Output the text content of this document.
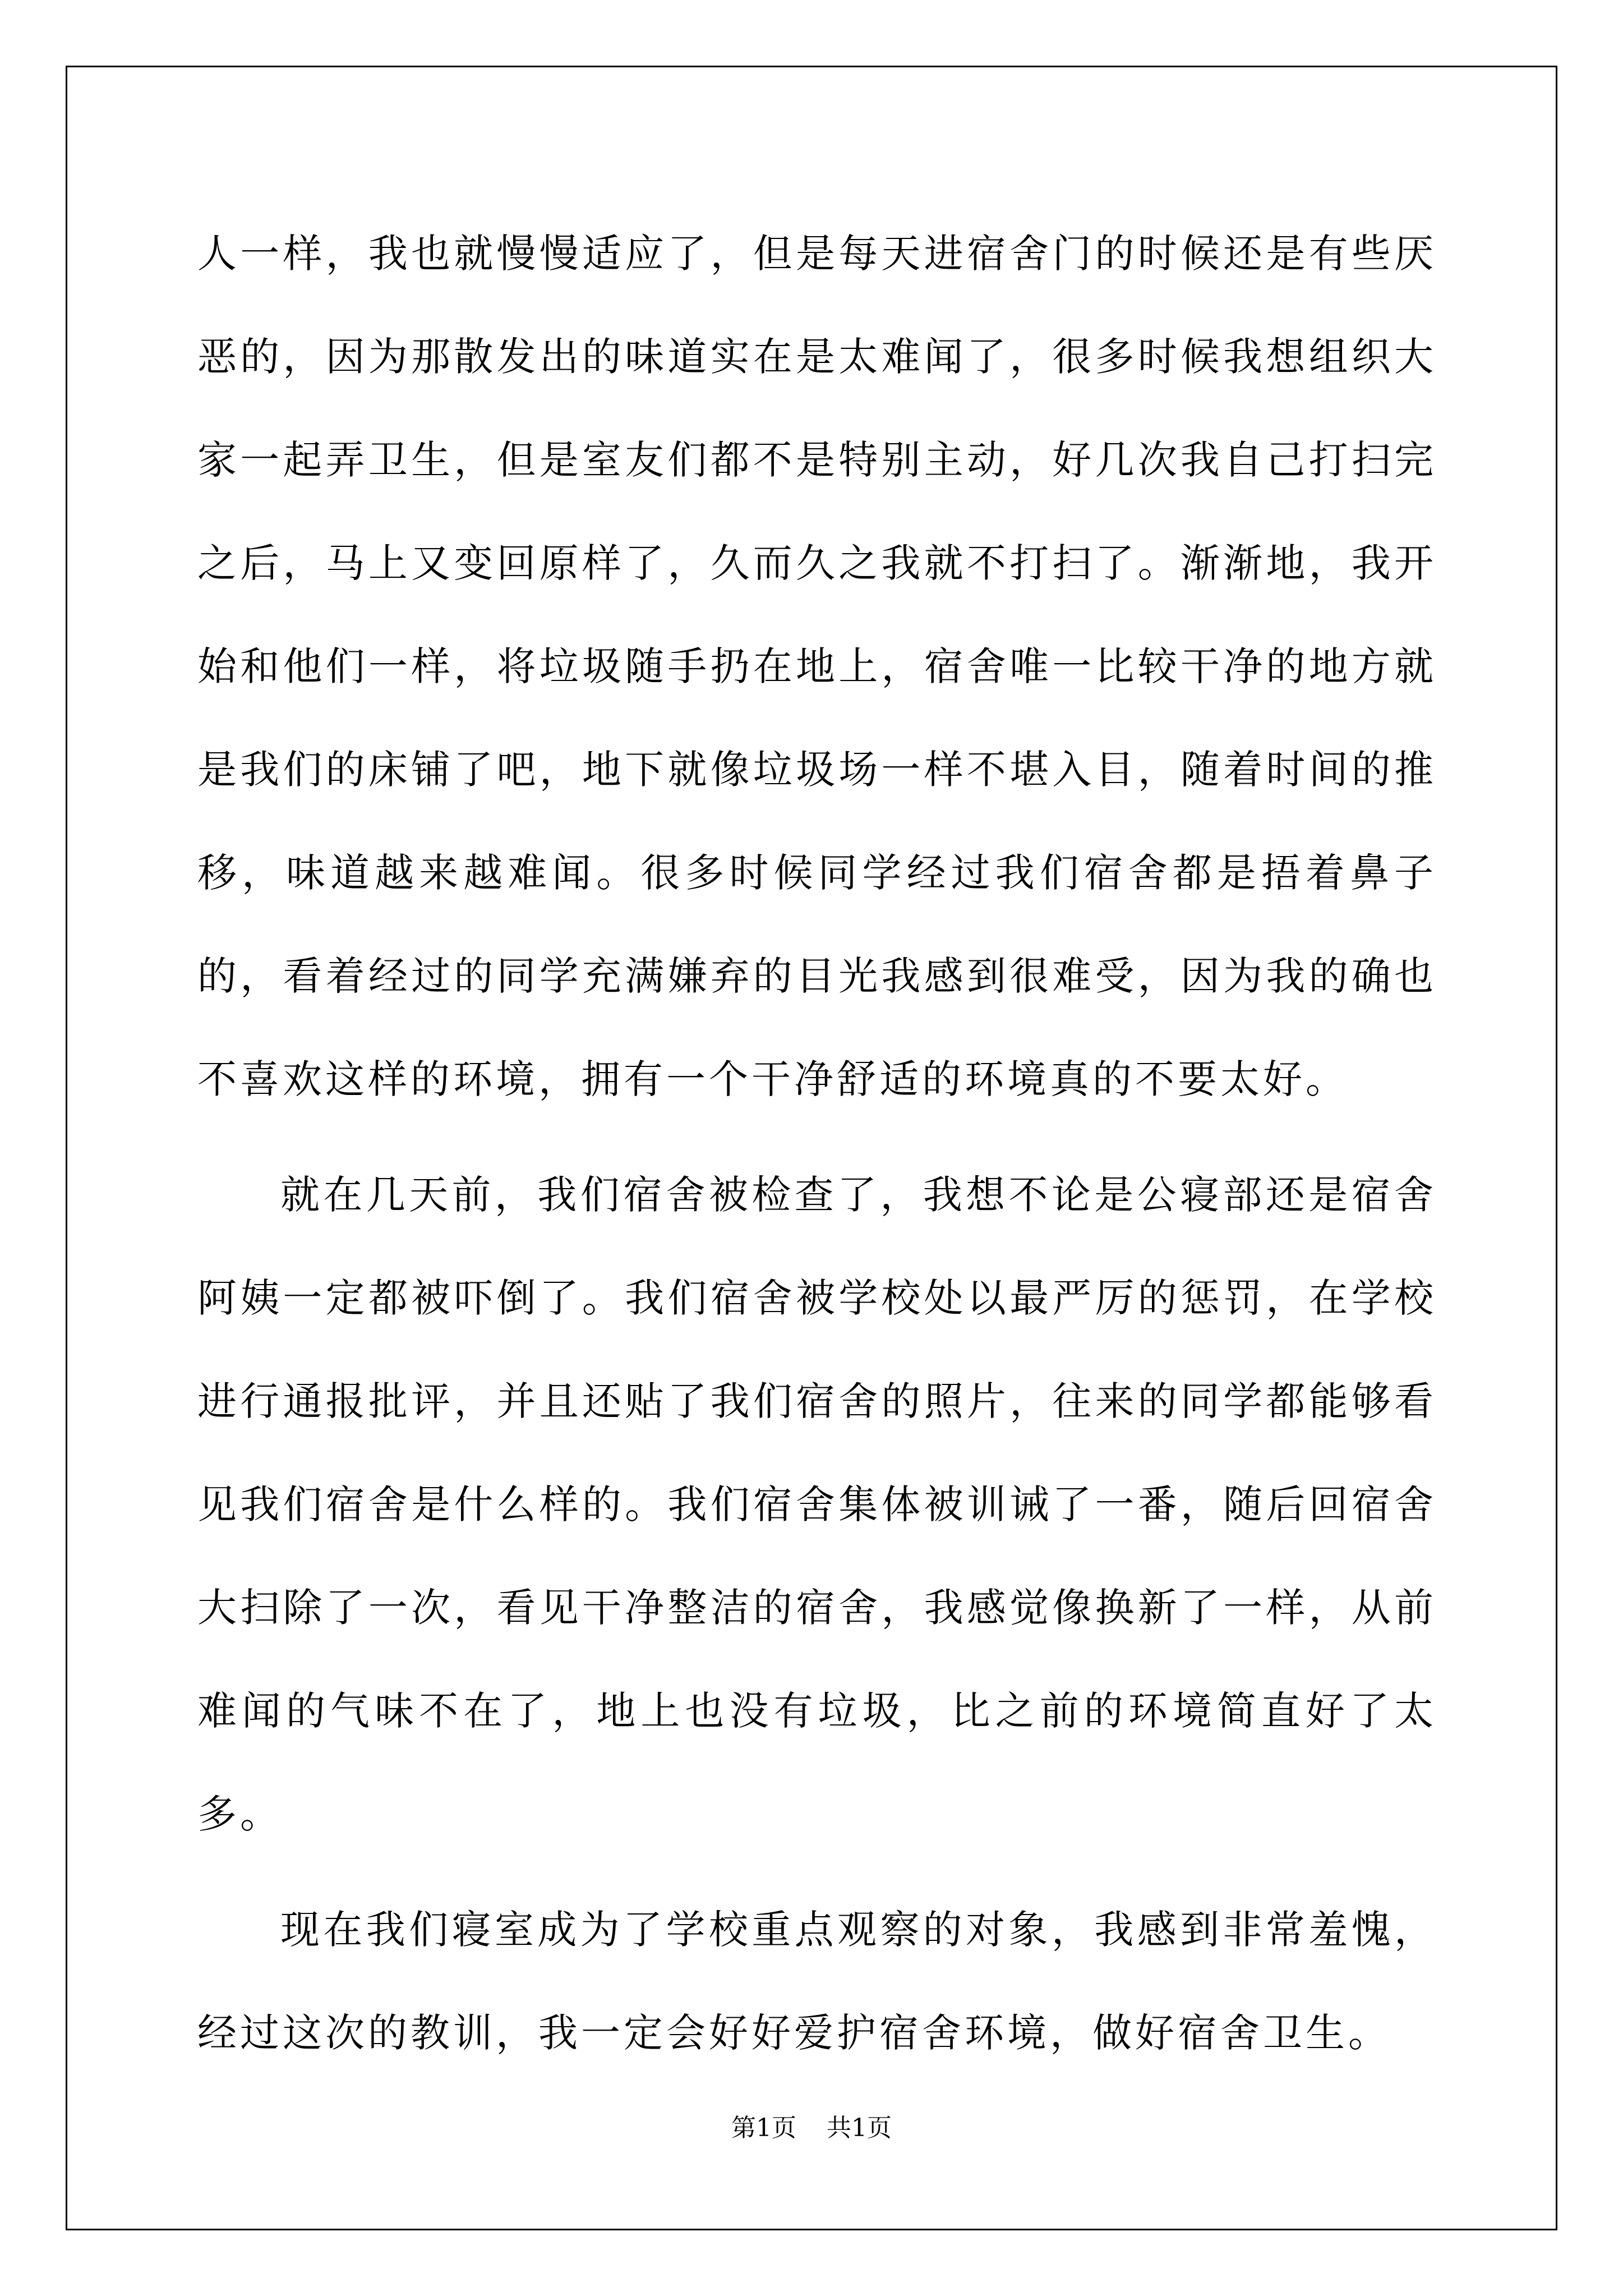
人一样，我也就慢慢适应了，但是每天进宿舍门的时候还是有些厌恶的，因为那散发出的味道实在是太难闻了，很多时候我想组织大家一起弄卫生，但是室友们都不是特别主动，好几次我自己打扫完之后，马上又变回原样了，久而久之我就不打扫了。渐渐地，我开始和他们一样，将垃圾随手扔在地上，宿舍唯一比较干净的地方就是我们的床铺了吧，地下就像垃圾场一样不堪入目，随着时间的推移，味道越来越难闻。很多时候同学经过我们宿舍都是捂着鼻子的，看着经过的同学充满嫌弃的目光我感到很难受，因为我的确也不喜欢这样的环境，拥有一个干净舒适的环境真的不要太好。

就在几天前，我们宿舍被检查了，我想不论是公寝部还是宿舍阿姨一定都被吓倒了。我们宿舍被学校处以最严厉的惩罚，在学校进行通报批评，并且还贴了我们宿舍的照片，往来的同学都能够看见我们宿舍是什么样的。我们宿舍集体被训诫了一番，随后回宿舍大扫除了一次，看见干净整洁的宿舍，我感觉像换新了一样，从前难闻的气味不在了，地上也没有垃圾，比之前的环境简直好了太多。

现在我们寝室成为了学校重点观察的对象，我感到非常羞愧，经过这次的教训，我一定会好好爱护宿舍环境，做好宿舍卫生。

第1页 共1页
